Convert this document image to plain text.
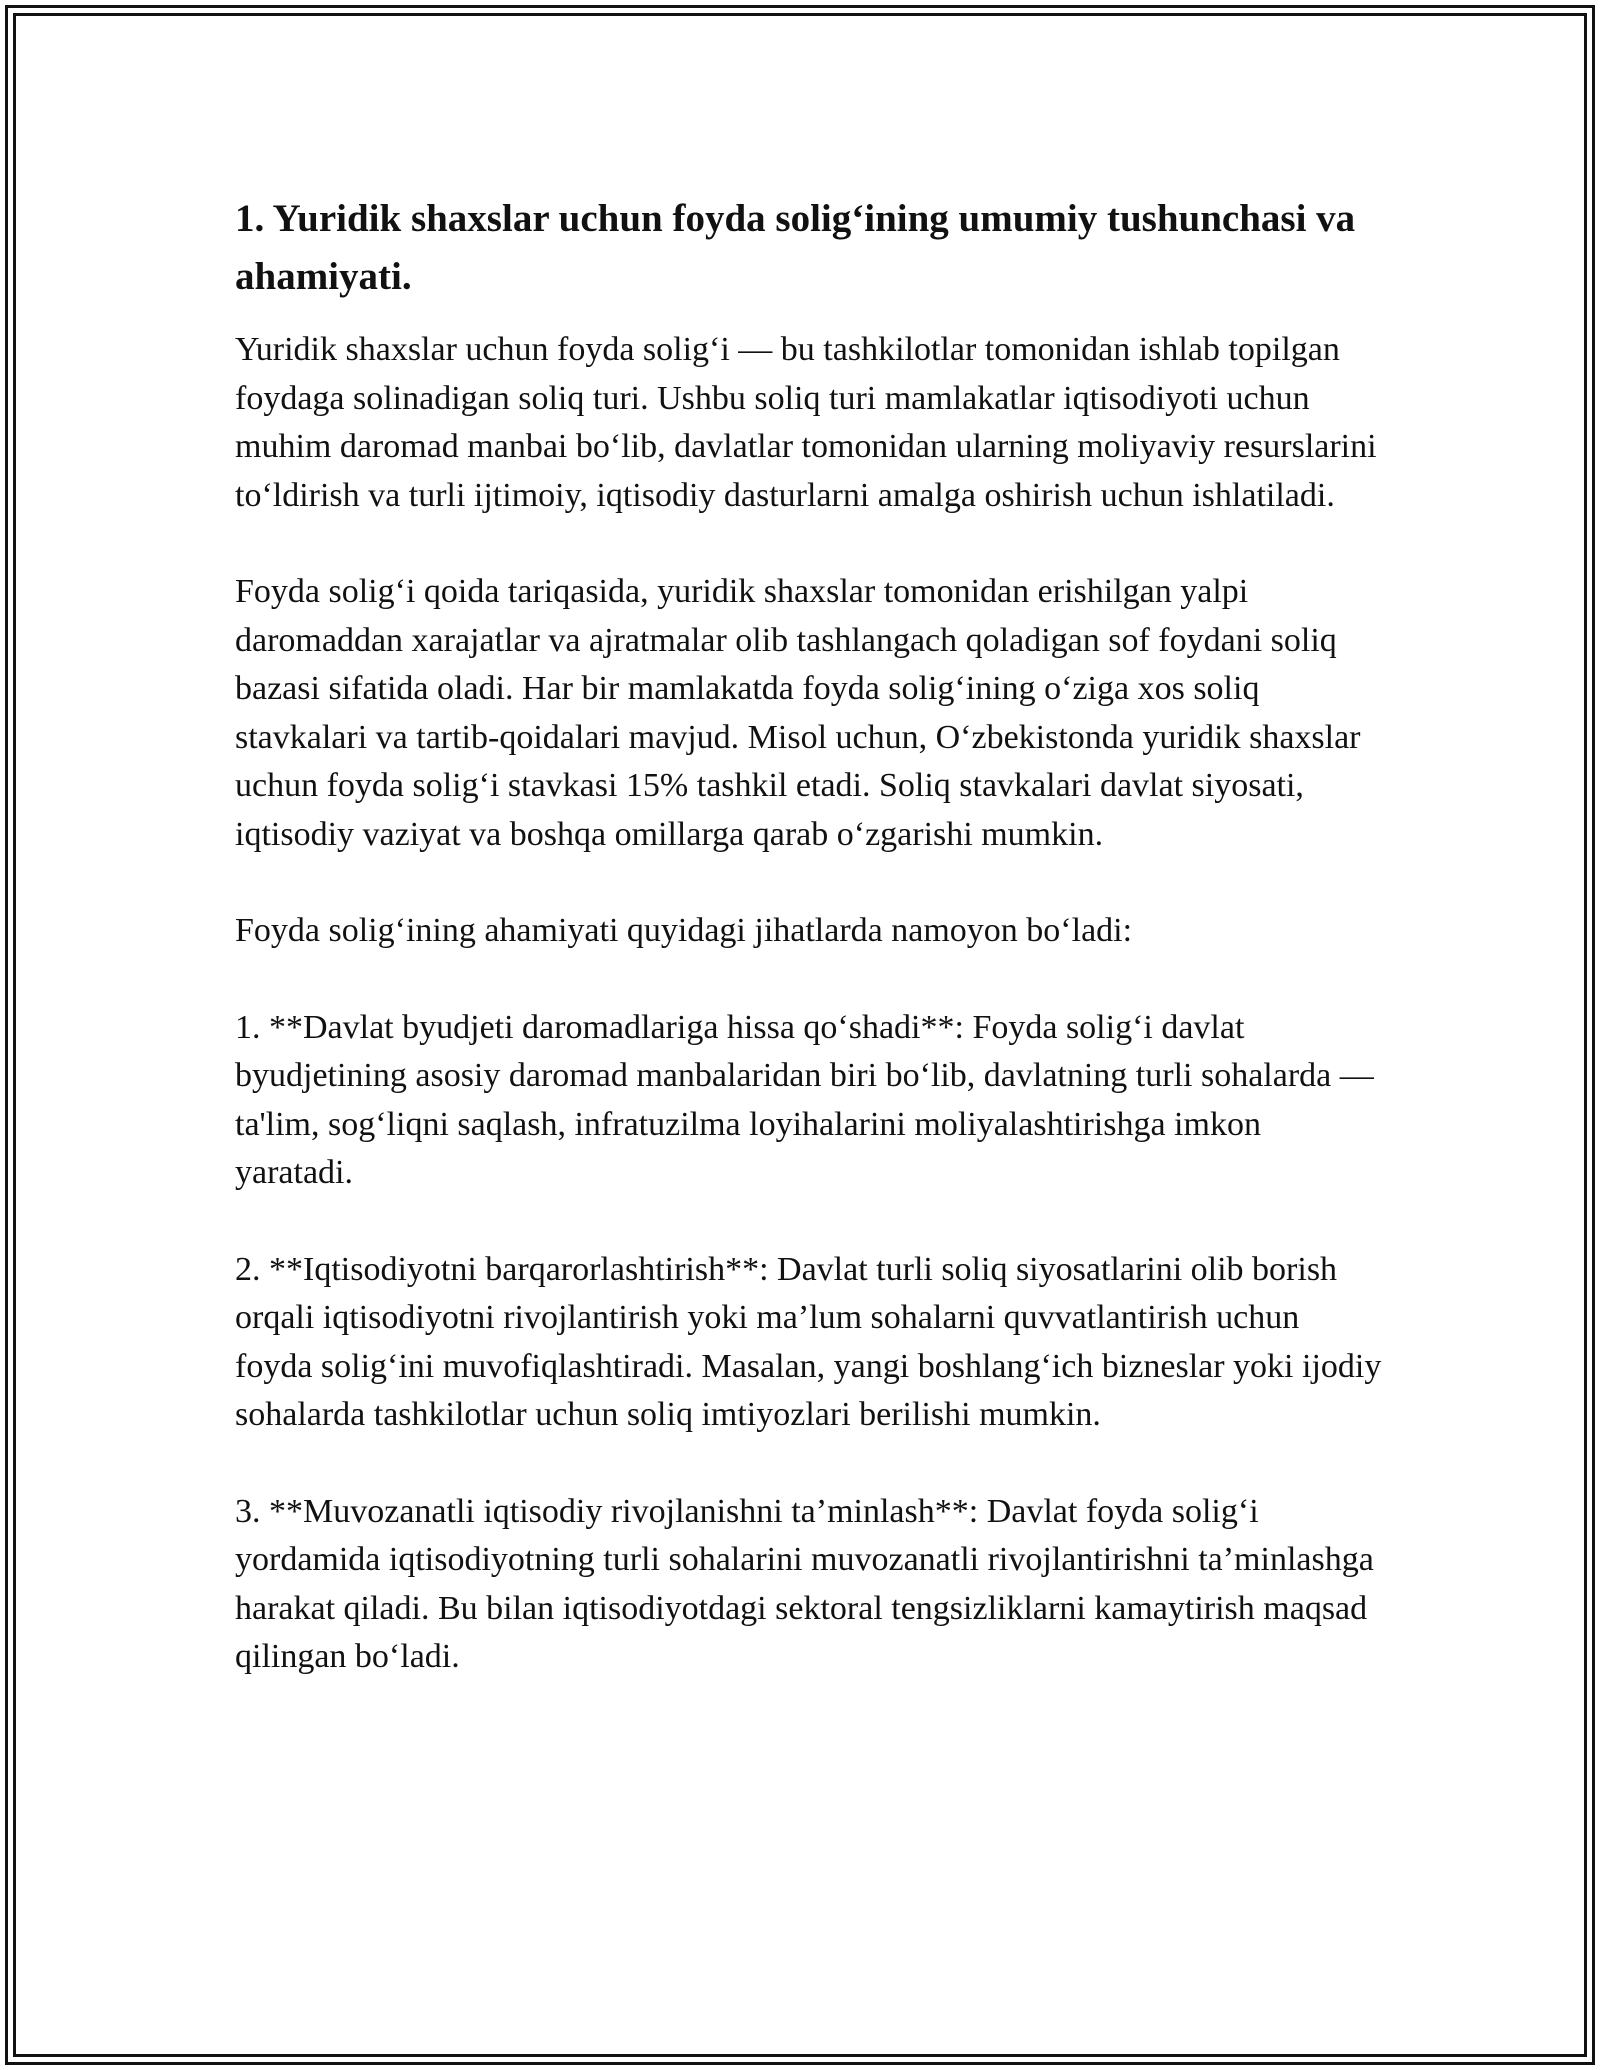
1. Yuridik shaxslar uchun foyda solig‘ining umumiy tushunchasi va ahamiyati.

Yuridik shaxslar uchun foyda solig‘i — bu tashkilotlar tomonidan ishlab topilgan foydaga solinadigan soliq turi. Ushbu soliq turi mamlakatlar iqtisodiyoti uchun muhim daromad manbai bo‘lib, davlatlar tomonidan ularning moliyaviy resurslarini to‘ldirish va turli ijtimoiy, iqtisodiy dasturlarni amalga oshirish uchun ishlatiladi.

Foyda solig‘i qoida tariqasida, yuridik shaxslar tomonidan erishilgan yalpi daromaddan xarajatlar va ajratmalar olib tashlangach qoladigan sof foydani soliq bazasi sifatida oladi. Har bir mamlakatda foyda solig‘ining o‘ziga xos soliq stavkalari va tartib-qoidalari mavjud. Misol uchun, O‘zbekistonda yuridik shaxslar uchun foyda solig‘i stavkasi 15% tashkil etadi. Soliq stavkalari davlat siyosati, iqtisodiy vaziyat va boshqa omillarga qarab o‘zgarishi mumkin.

Foyda solig‘ining ahamiyati quyidagi jihatlarda namoyon bo‘ladi:

1. **Davlat byudjeti daromadlariga hissa qo‘shadi**: Foyda solig‘i davlat byudjetining asosiy daromad manbalaridan biri bo‘lib, davlatning turli sohalarda — ta'lim, sog‘liqni saqlash, infratuzilma loyihalarini moliyalashtirishga imkon yaratadi.

2. **Iqtisodiyotni barqarorlashtirish**: Davlat turli soliq siyosatlarini olib borish orqali iqtisodiyotni rivojlantirish yoki ma’lum sohalarni quvvatlantirish uchun foyda solig‘ini muvofiqlashtiradi. Masalan, yangi boshlang‘ich bizneslar yoki ijodiy sohalarda tashkilotlar uchun soliq imtiyozlari berilishi mumkin.

3. **Muvozanatli iqtisodiy rivojlanishni ta’minlash**: Davlat foyda solig‘i yordamida iqtisodiyotning turli sohalarini muvozanatli rivojlantirishni ta’minlashga harakat qiladi. Bu bilan iqtisodiyotdagi sektoral tengsizliklarni kamaytirish maqsad qilingan bo‘ladi.
